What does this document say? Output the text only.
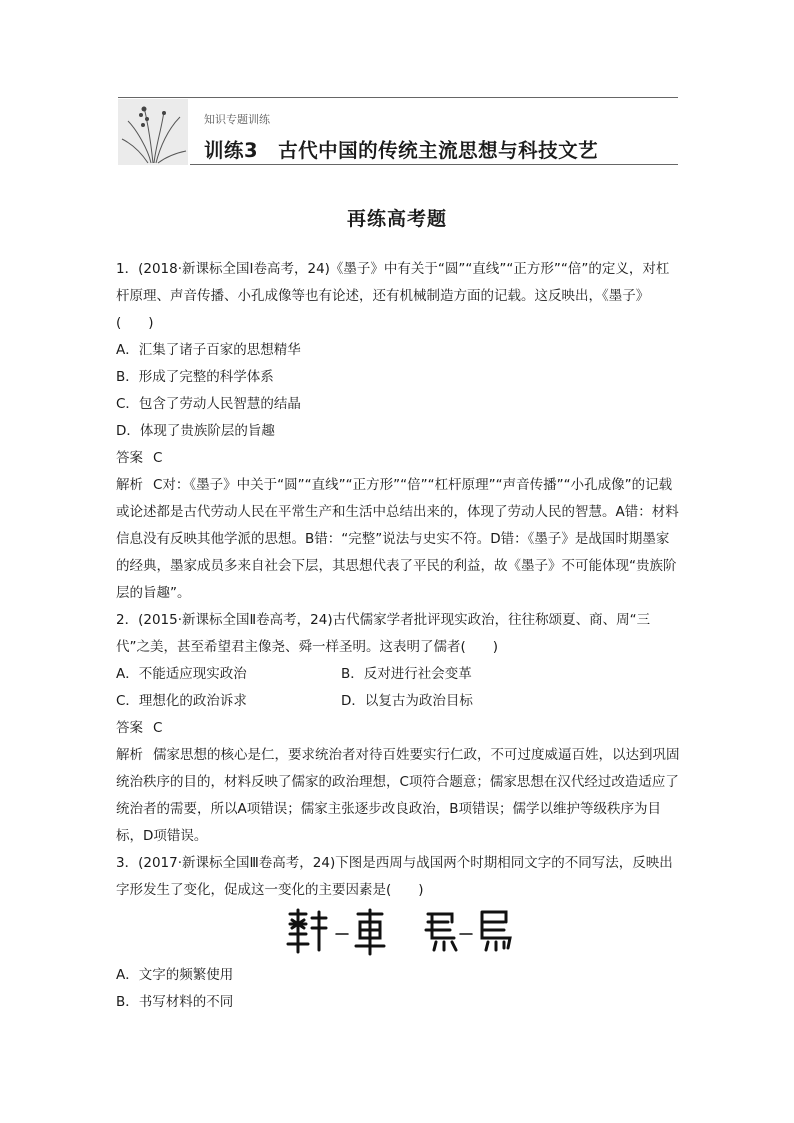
知识专题训练
训练3　古代中国的传统主流思想与科技文艺
再练高考题

1．(2018·新课标全国Ⅰ卷高考，24)《墨子》中有关于“圆”“直线”“正方形”“倍”的定义，对杠杆原理、声音传播、小孔成像等也有论述，还有机械制造方面的记载。这反映出，《墨子》(　　)

A．汇集了诸子百家的思想精华

B．形成了完整的科学体系

C．包含了劳动人民智慧的结晶

D．体现了贵族阶层的旨趣

答案 C

解析 C对：《墨子》中关于“圆”“直线”“正方形”“倍”“杠杆原理”“声音传播”“小孔成像”的记载或论述都是古代劳动人民在平常生产和生活中总结出来的，体现了劳动人民的智慧。A错：材料信息没有反映其他学派的思想。B错：“完整”说法与史实不符。D错：《墨子》是战国时期墨家的经典，墨家成员多来自社会下层，其思想代表了平民的利益，故《墨子》不可能体现“贵族阶层的旨趣”。

2．(2015·新课标全国Ⅱ卷高考，24)古代儒家学者批评现实政治，往往称颂夏、商、周“三代”之美，甚至希望君主像尧、舜一样圣明。这表明了儒者(　　)

A．不能适应现实政治	B．反对进行社会变革
C．理想化的政治诉求	D．以复古为政治目标

答案 C

解析 儒家思想的核心是仁，要求统治者对待百姓要实行仁政，不可过度威逼百姓，以达到巩固统治秩序的目的，材料反映了儒家的政治理想，C项符合题意；儒家思想在汉代经过改造适应了统治者的需要，所以A项错误；儒家主张逐步改良政治，B项错误；儒学以维护等级秩序为目标，D项错误。

3．(2017·新课标全国Ⅲ卷高考，24)下图是西周与战国两个时期相同文字的不同写法，反映出字形发生了变化，促成这一变化的主要因素是(　　)

A．文字的频繁使用

B．书写材料的不同
